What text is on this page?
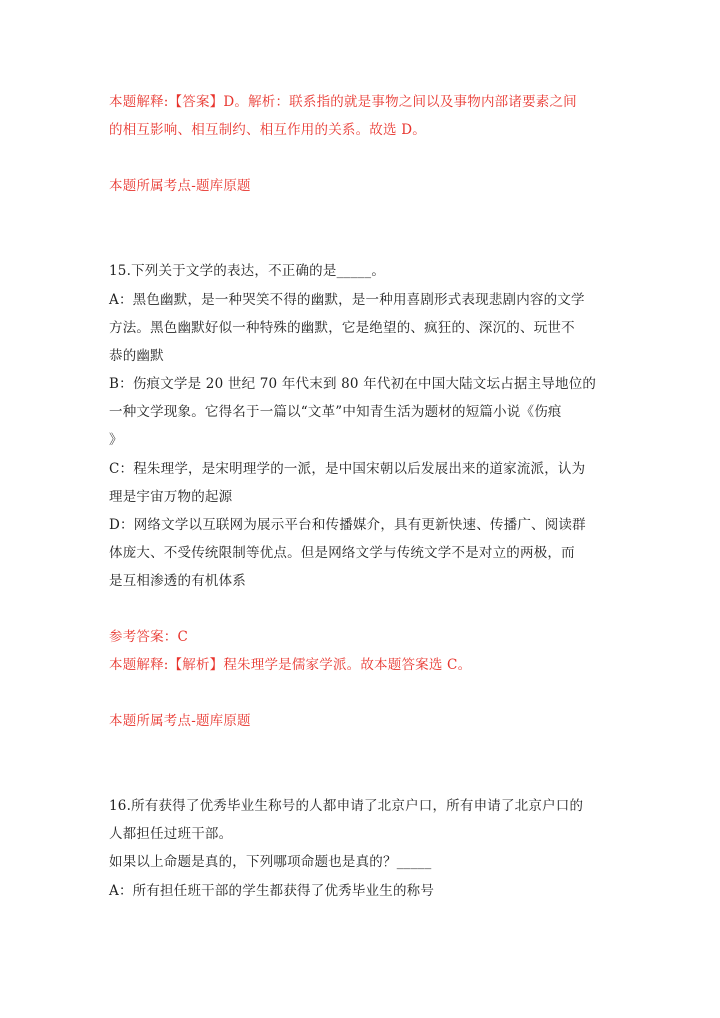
本题解释:【答案】D。解析：联系指的就是事物之间以及事物内部诸要素之间
的相互影响、相互制约、相互作用的关系。故选 D。
本题所属考点-题库原题
15.下列关于文学的表达，不正确的是_____。
A：黑色幽默，是一种哭笑不得的幽默，是一种用喜剧形式表现悲剧内容的文学
方法。黑色幽默好似一种特殊的幽默，它是绝望的、疯狂的、深沉的、玩世不
恭的幽默
B：伤痕文学是 20 世纪 70 年代末到 80 年代初在中国大陆文坛占据主导地位的
一种文学现象。它得名于一篇以“文革”中知青生活为题材的短篇小说《伤痕
》
C：程朱理学，是宋明理学的一派，是中国宋朝以后发展出来的道家流派，认为
理是宇宙万物的起源
D：网络文学以互联网为展示平台和传播媒介，具有更新快速、传播广、阅读群
体庞大、不受传统限制等优点。但是网络文学与传统文学不是对立的两极，而
是互相渗透的有机体系
参考答案：C
本题解释:【解析】程朱理学是儒家学派。故本题答案选 C。
本题所属考点-题库原题
16.所有获得了优秀毕业生称号的人都申请了北京户口，所有申请了北京户口的
人都担任过班干部。
如果以上命题是真的，下列哪项命题也是真的？_____
A：所有担任班干部的学生都获得了优秀毕业生的称号
